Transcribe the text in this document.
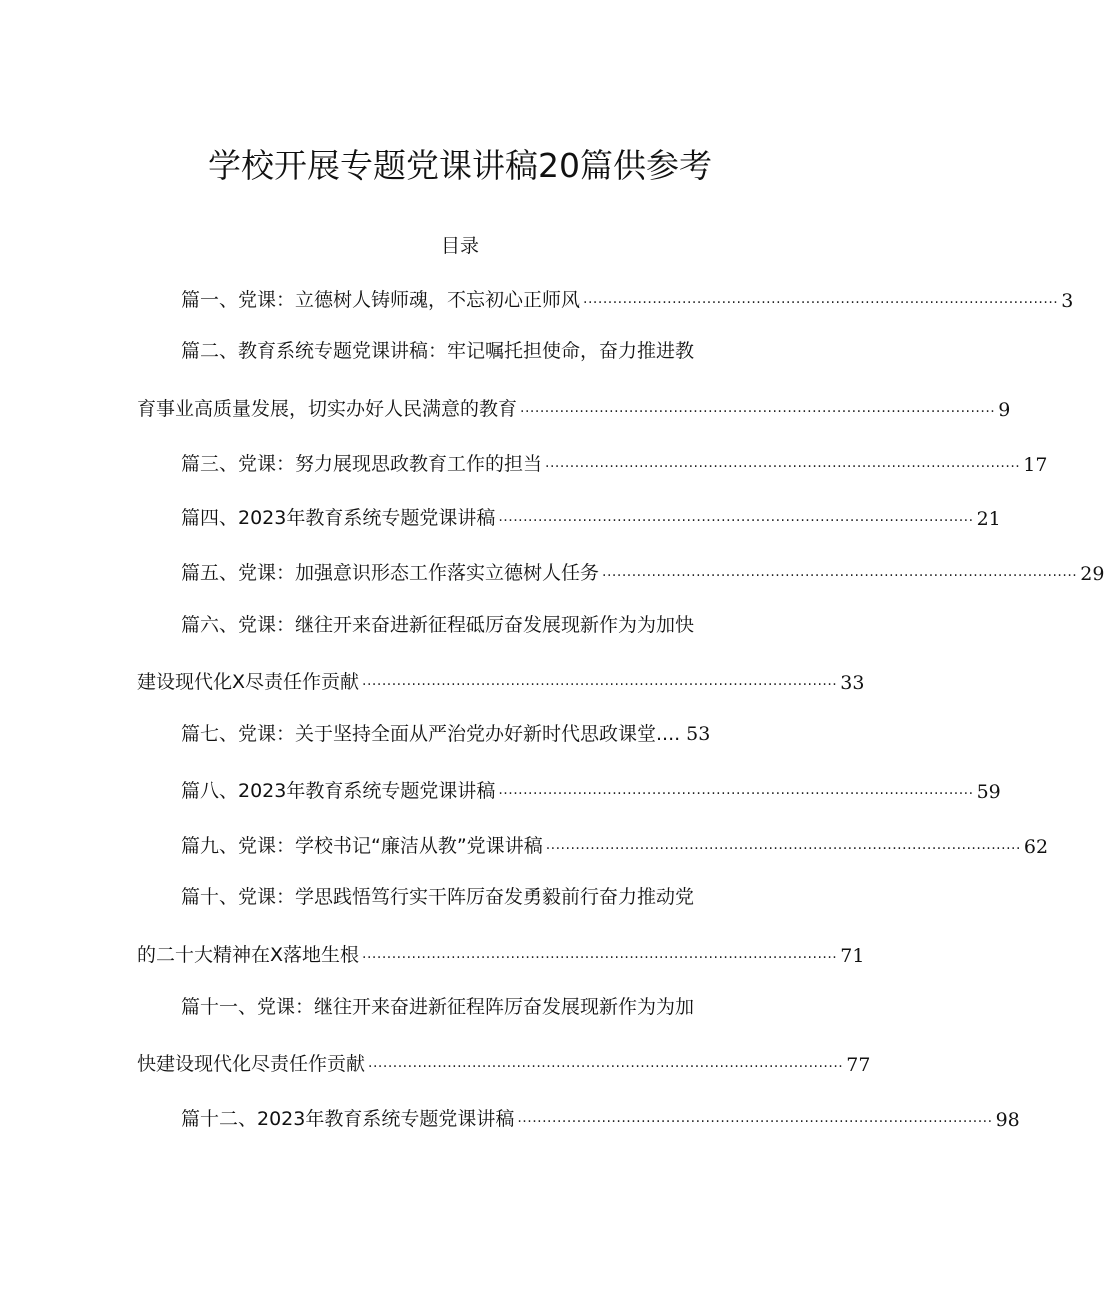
学校开展专题党课讲稿20篇供参考
目录
篇一、党课：立德树人铸师魂，不忘初心正师风 ................................................................................................ 3
篇二、教育系统专题党课讲稿：牢记嘱托担使命，奋力推进教
育事业高质量发展，切实办好人民满意的教育 ................................................................................................ 9
篇三、党课：努力展现思政教育工作的担当 ................................................................................................ 17
篇四、2023年教育系统专题党课讲稿 ................................................................................................ 21
篇五、党课：加强意识形态工作落实立德树人任务 ................................................................................................ 29
篇六、党课：继往开来奋进新征程砥厉奋发展现新作为为加快
建设现代化X尽责任作贡献 ................................................................................................ 33
篇七、党课：关于坚持全面从严治党办好新时代思政课堂.... 53
篇八、2023年教育系统专题党课讲稿 ................................................................................................ 59
篇九、党课：学校书记“廉洁从教”党课讲稿 ................................................................................................ 62
篇十、党课：学思践悟笃行实干阵厉奋发勇毅前行奋力推动党
的二十大精神在X落地生根 ................................................................................................ 71
篇十一、党课：继往开来奋进新征程阵厉奋发展现新作为为加
快建设现代化尽责任作贡献 ................................................................................................ 77
篇十二、2023年教育系统专题党课讲稿 ................................................................................................ 98
